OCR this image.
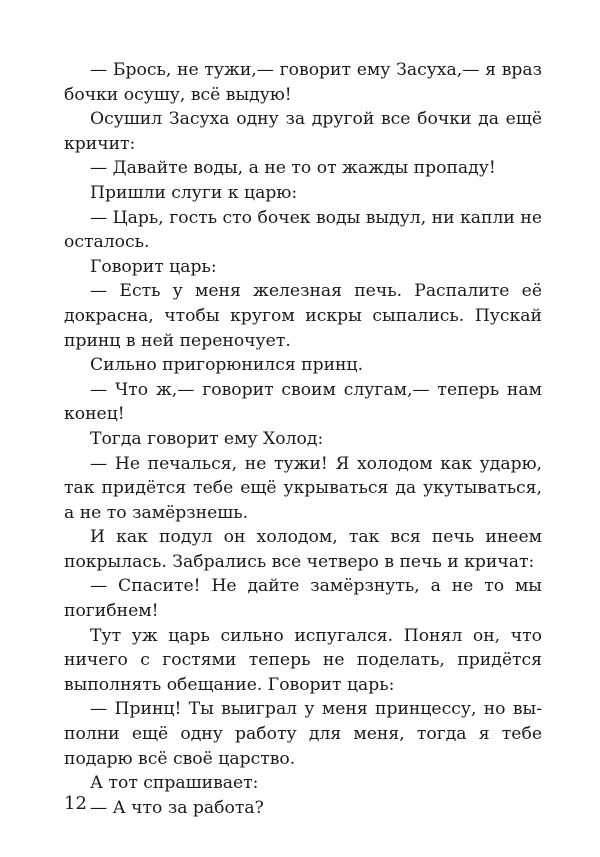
— Брось, не тужи,— говорит ему Засуха,— я враз бочки осушу, всё выдую!

Осушил Засуха одну за другой все бочки да ещё кричит:

— Давайте воды, а не то от жажды пропаду!

Пришли слуги к царю:

— Царь, гость сто бочек воды выдул, ни капли не осталось.

Говорит царь:

— Есть у меня железная печь. Распалите её докрасна, чтобы кругом искры сыпались. Пускай принц в ней переночует.

Сильно пригорюнился принц.

— Что ж,— говорит своим слугам,— теперь нам конец!

Тогда говорит ему Холод:

— Не печалься, не тужи! Я холодом как ударю, так придётся тебе ещё укрываться да укутываться, а не то замёрзнешь.

И как подул он холодом, так вся печь инеем покрылась. Забрались все четверо в печь и кричат:

— Спасите! Не дайте замёрзнуть, а не то мы погибнем!

Тут уж царь сильно испугался. Понял он, что ничего с гостями теперь не поделать, придётся выполнять обещание. Говорит царь:

— Принц! Ты выиграл у меня принцессу, но выполни ещё одну работу для меня, тогда я тебе подарю всё своё царство.

А тот спрашивает:

— А что за работа?

12
